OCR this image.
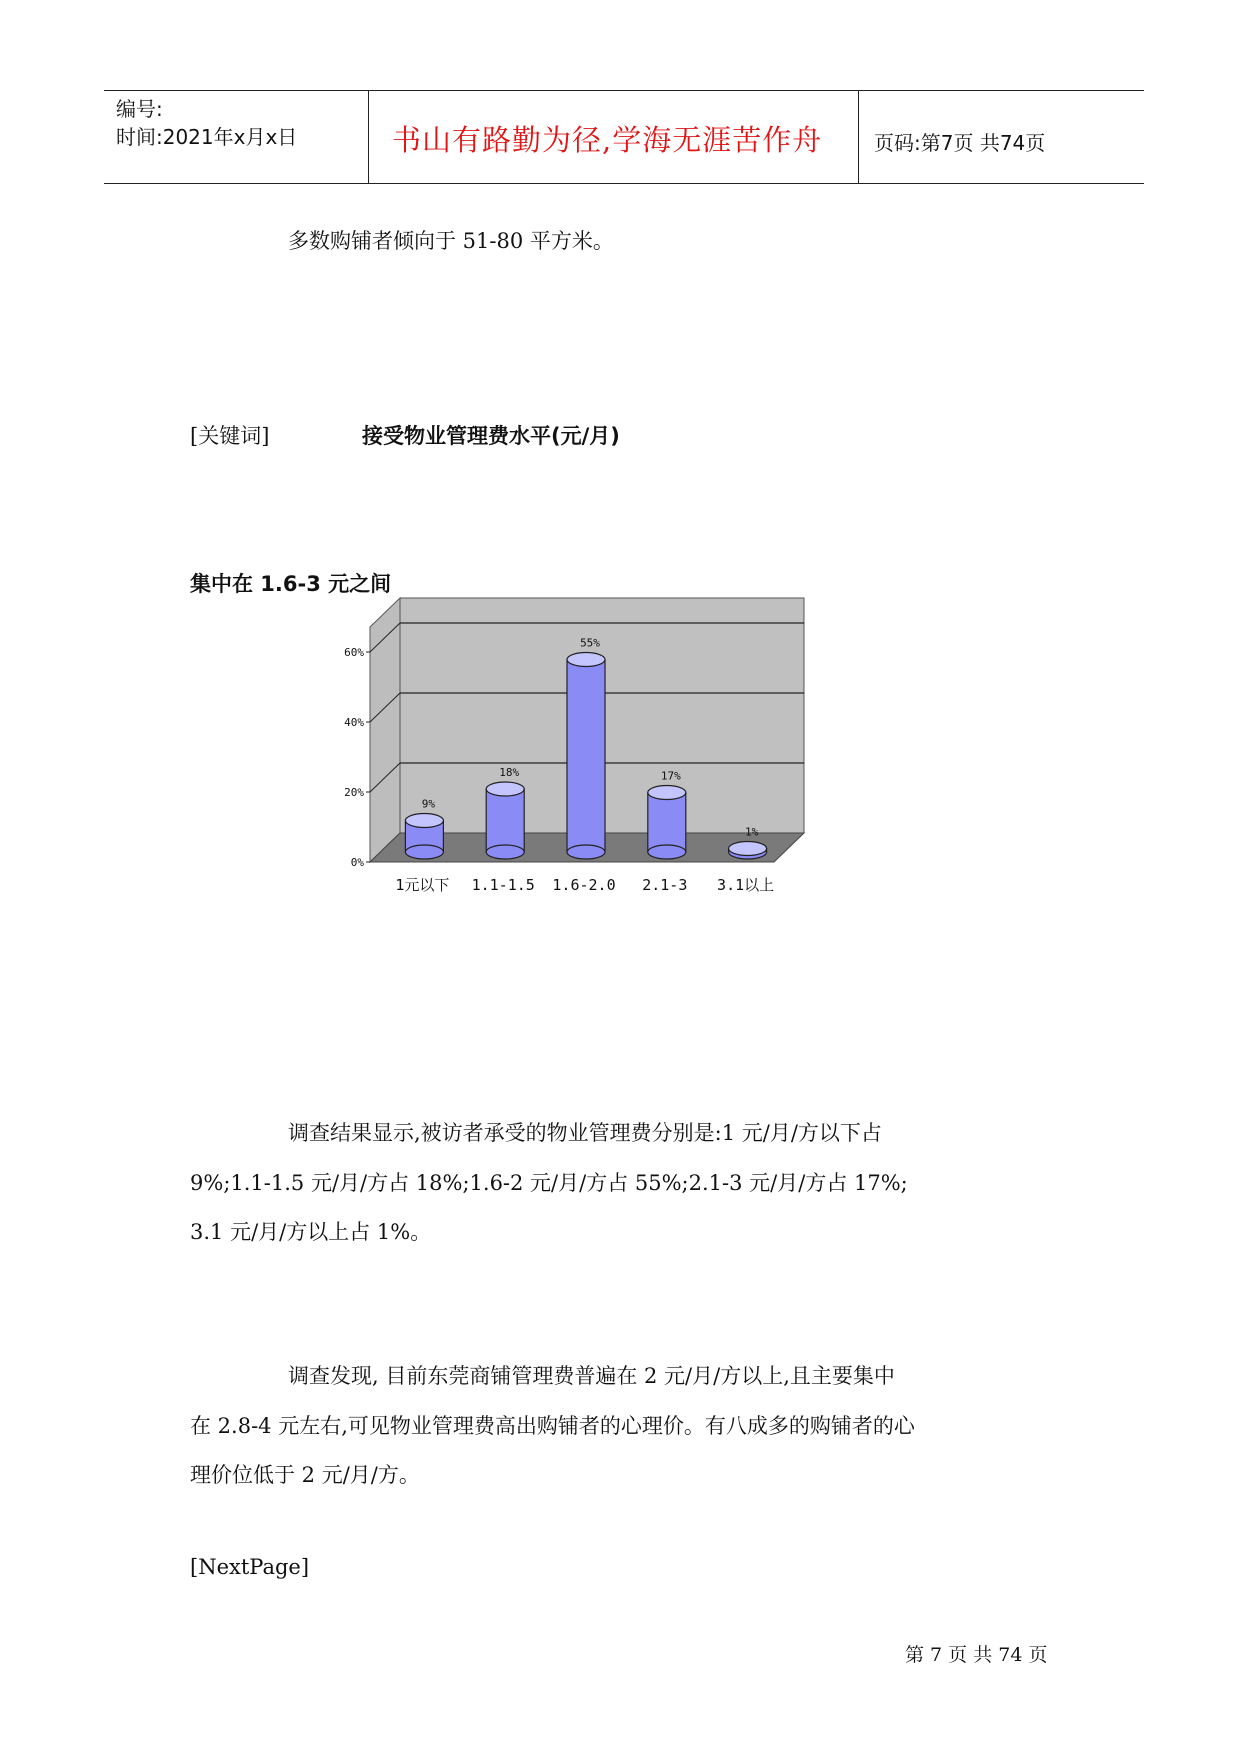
编号:
时间:2021年x月x日	书山有路勤为径,学海无涯苦作舟	页码:第7页 共74页
多数购铺者倾向于 51-80 平方米。
[关键词]	接受物业管理费水平(元/月)
集中在 1.6-3 元之间
0%
20%
40%
60%
9%
1元以下
18%
1.1-1.5
55%
1.6-2.0
17%
2.1-3
1%
3.1以上
调查结果显示,被访者承受的物业管理费分别是:1 元/月/方以下占
9%;1.1-1.5 元/月/方占 18%;1.6-2 元/月/方占 55%;2.1-3 元/月/方占 17%;
3.1 元/月/方以上占 1%。
调查发现, 目前东莞商铺管理费普遍在 2 元/月/方以上,且主要集中
在 2.8-4 元左右,可见物业管理费高出购铺者的心理价。有八成多的购铺者的心
理价位低于 2 元/月/方。
[NextPage]
第 7 页 共 74 页
